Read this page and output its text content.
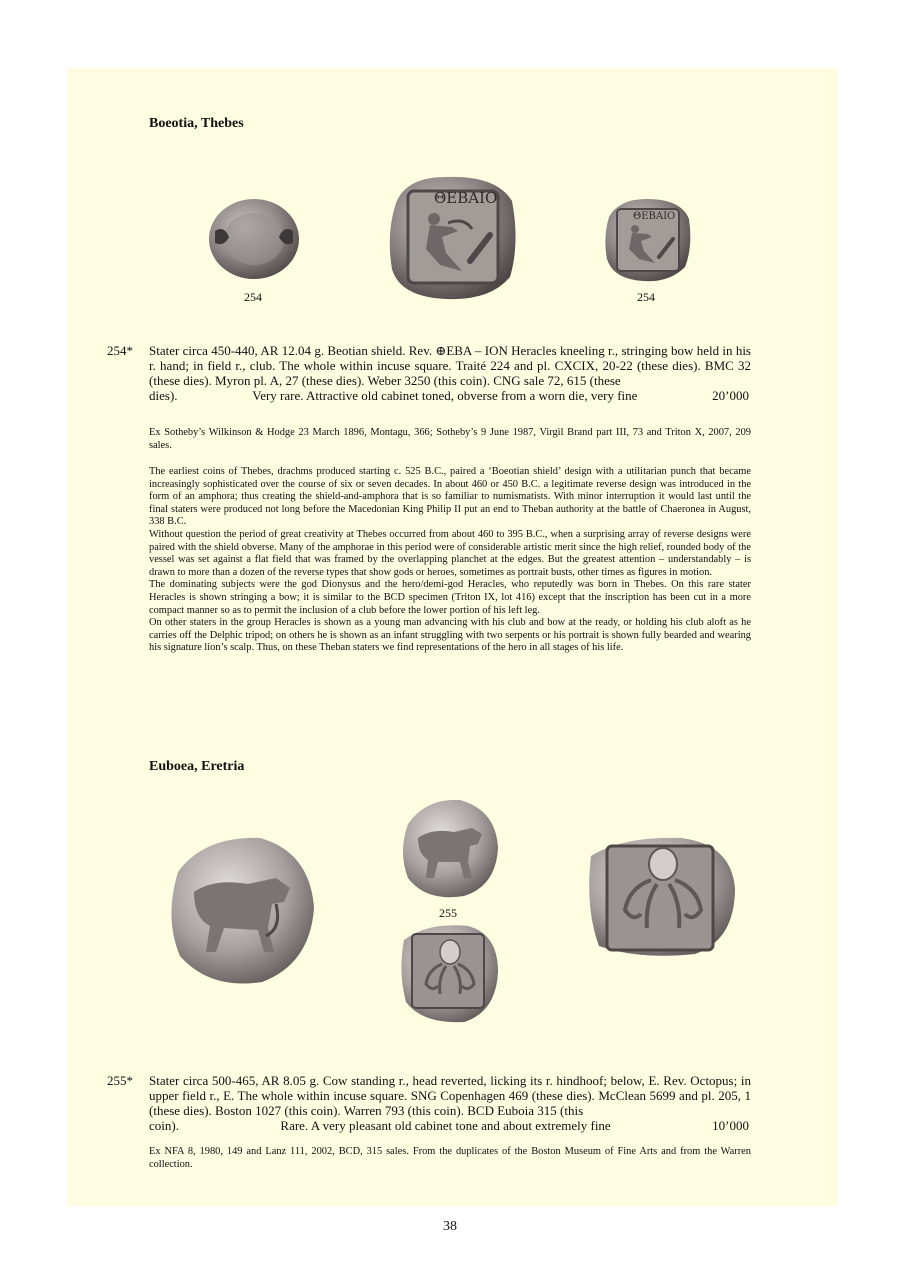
Boeotia, Thebes
ΘΕΒΑΙΟ
ΘΕΒΑΙΟ
254	254
254* Stater circa 450-440, AR 12.04 g. Beotian shield. Rev. ⊕EBA – ION Heracles kneeling r., stringing bow held in his r. hand; in field r., club. The whole within incuse square. Traité 224 and pl. CXCIX, 20-22 (these dies). BMC 32 (these dies). Myron pl. A, 27 (these dies). Weber 3250 (this coin). CNG sale 72, 615 (these
dies).	Very rare. Attractive old cabinet toned, obverse from a worn die, very fine	20’000
Ex Sotheby’s Wilkinson & Hodge 23 March 1896, Montagu, 366; Sotheby’s 9 June 1987, Virgil Brand part III, 73 and Triton X, 2007, 209 sales.

The earliest coins of Thebes, drachms produced starting c. 525 B.C., paired a ‘Boeotian shield’ design with a utilitarian punch that became increasingly sophisticated over the course of six or seven decades. In about 460 or 450 B.C. a legitimate reverse design was introduced in the form of an amphora; thus creating the shield-and-amphora that is so familiar to numismatists. With minor interruption it would last until the final staters were produced not long before the Macedonian King Philip II put an end to Theban authority at the battle of Chaeronea in August, 338 B.C.

Without question the period of great creativity at Thebes occurred from about 460 to 395 B.C., when a surprising array of reverse designs were paired with the shield obverse. Many of the amphorae in this period were of considerable artistic merit since the high relief, rounded body of the vessel was set against a flat field that was framed by the overlapping planchet at the edges. But the greatest attention – understandably – is drawn to more than a dozen of the reverse types that show gods or heroes, sometimes as portrait busts, other times as figures in motion.

The dominating subjects were the god Dionysus and the hero/demi-god Heracles, who reputedly was born in Thebes. On this rare stater Heracles is shown stringing a bow; it is similar to the BCD specimen (Triton IX, lot 416) except that the inscription has been cut in a more compact manner so as to permit the inclusion of a club before the lower portion of his left leg.

On other staters in the group Heracles is shown as a young man advancing with his club and bow at the ready, or holding his club aloft as he carries off the Delphic tripod; on others he is shown as an infant struggling with two serpents or his portrait is shown fully bearded and wearing his signature lion’s scalp. Thus, on these Theban staters we find representations of the hero in all stages of his life.

Euboea, Eretria
255
255* Stater circa 500-465, AR 8.05 g. Cow standing r., head reverted, licking its r. hindhoof; below, E. Rev. Octopus; in upper field r., E. The whole within incuse square. SNG Copenhagen 469 (these dies). McClean 5699 and pl. 205, 1 (these dies). Boston 1027 (this coin). Warren 793 (this coin). BCD Euboia 315 (this
coin).	Rare. A very pleasant old cabinet tone and about extremely fine	10’000
Ex NFA 8, 1980, 149 and Lanz 111, 2002, BCD, 315 sales. From the duplicates of the Boston Museum of Fine Arts and from the Warren collection.
38
